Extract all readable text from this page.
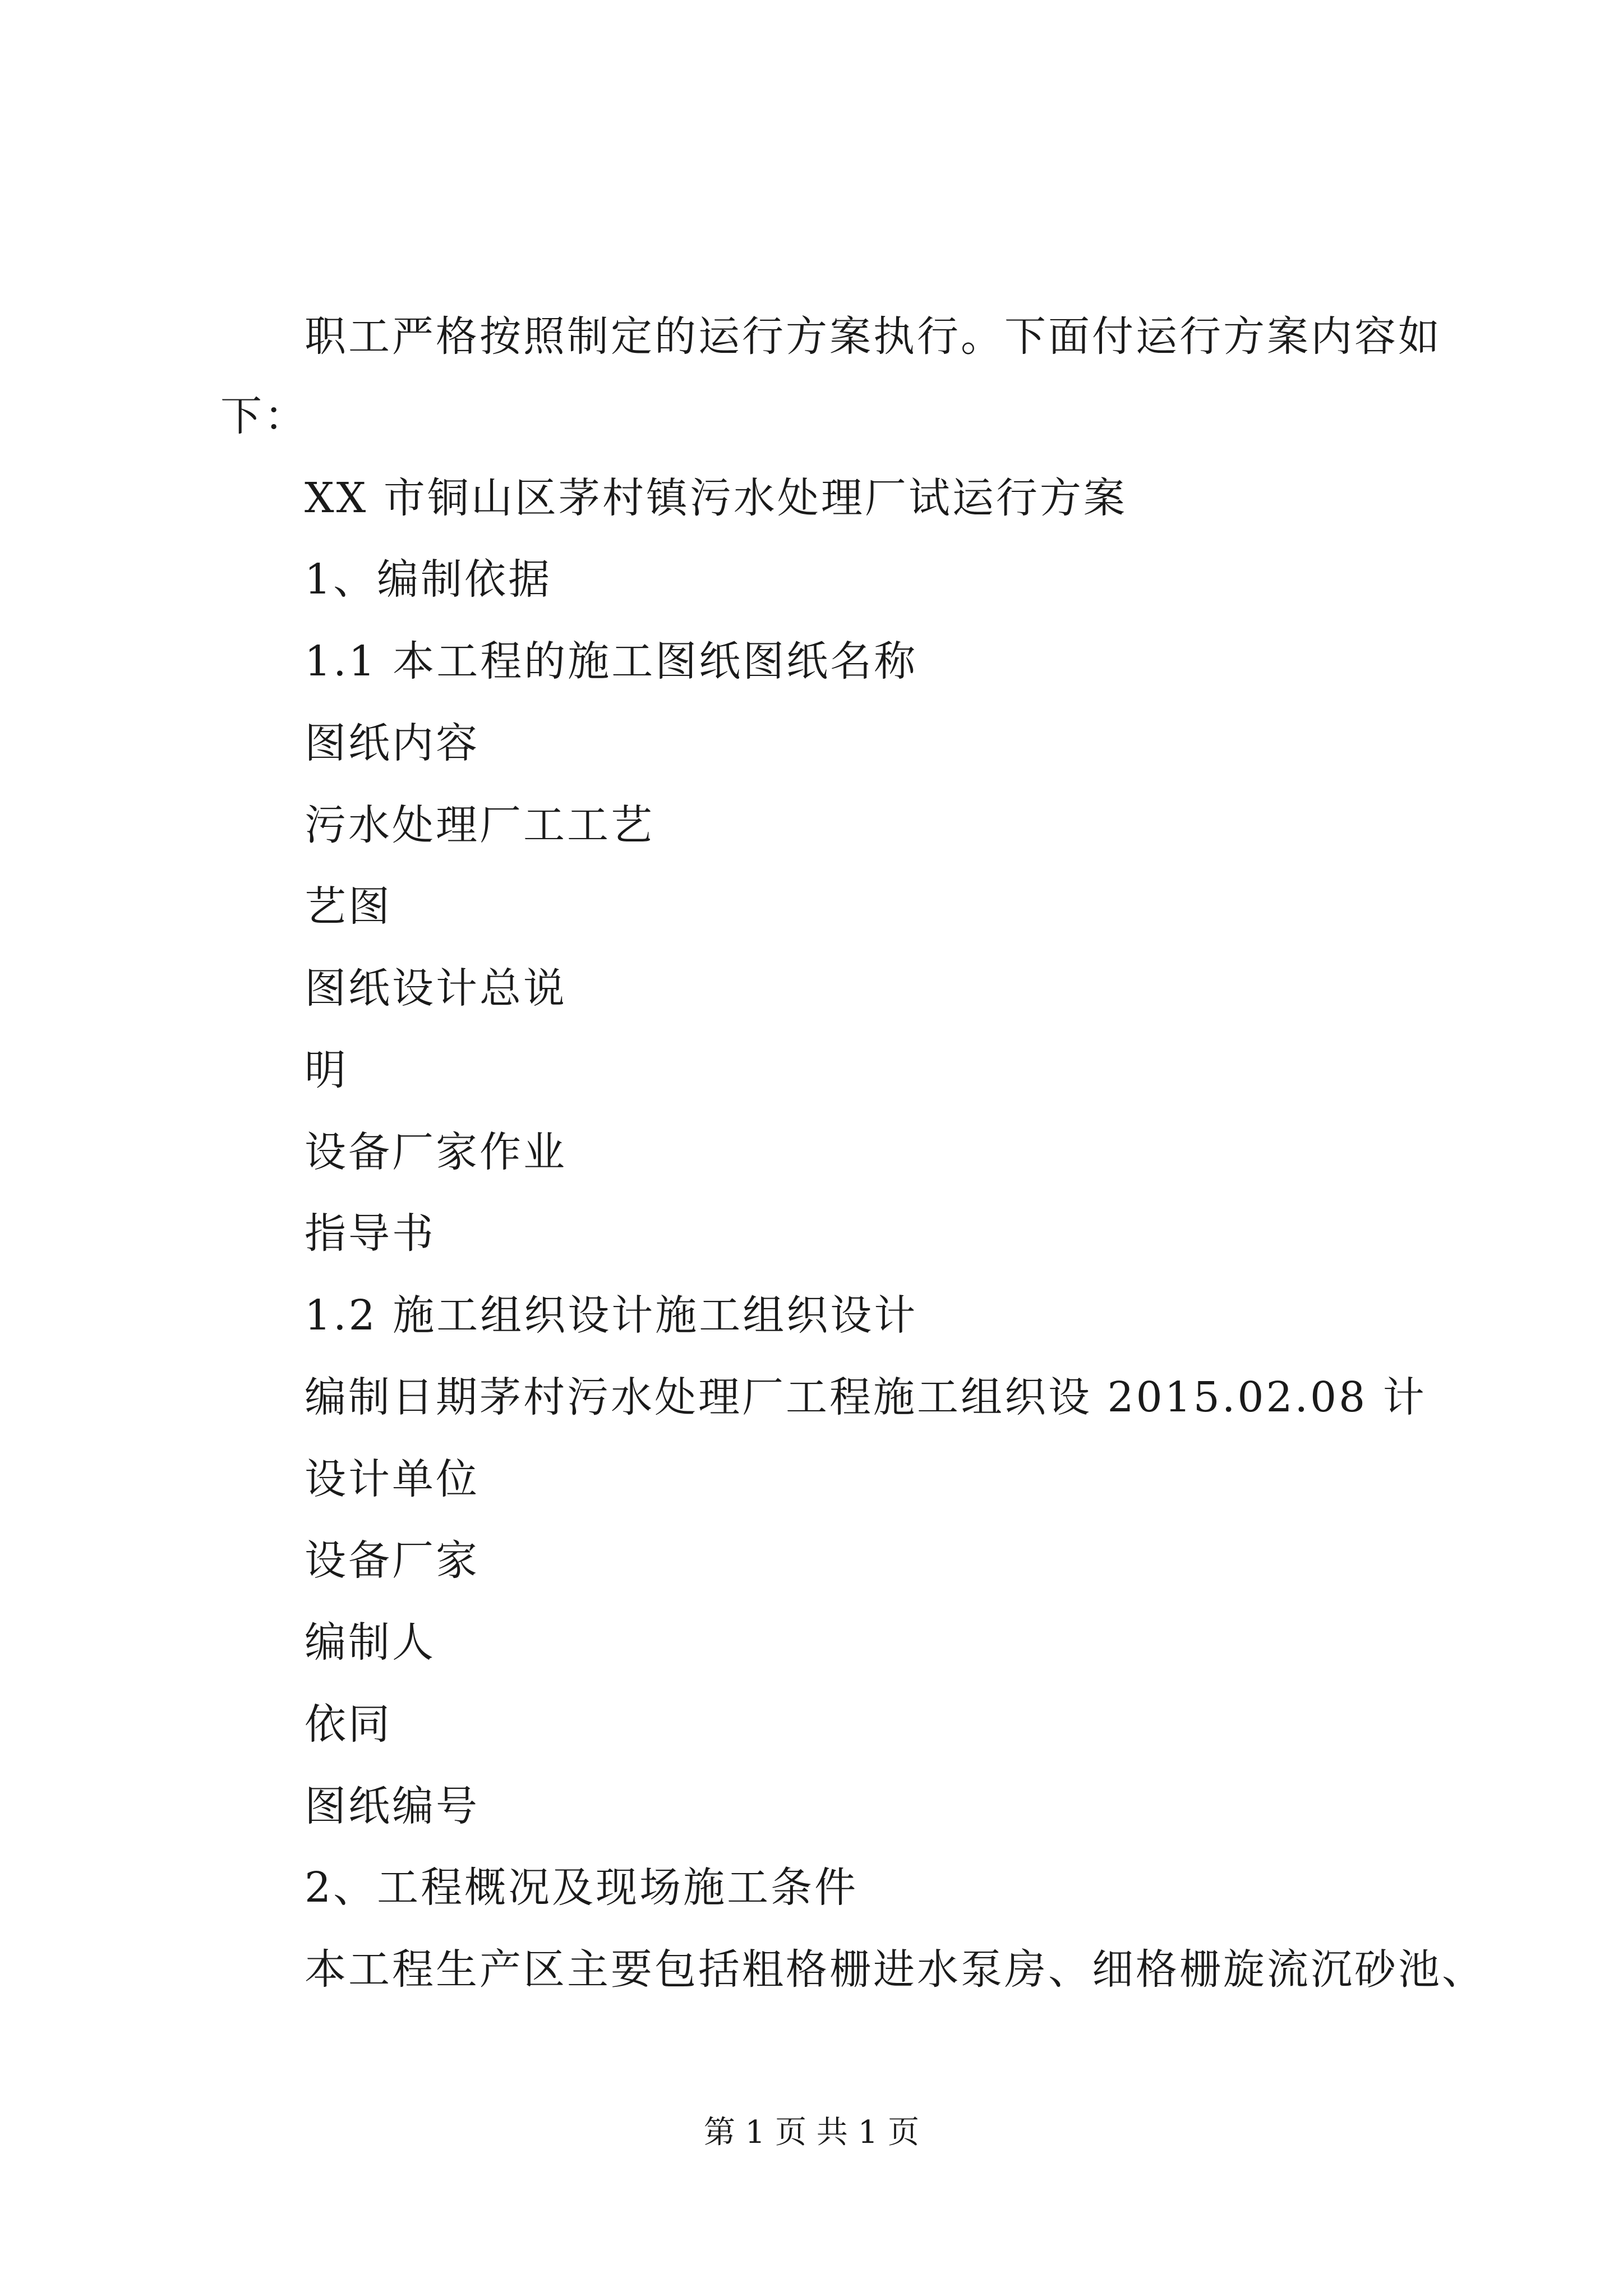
职工严格按照制定的运行方案执行。下面付运行方案内容如
下：
XX 市铜山区茅村镇污水处理厂试运行方案
1、编制依据
1.1 本工程的施工图纸图纸名称
图纸内容
污水处理厂工工艺
艺图
图纸设计总说
明
设备厂家作业
指导书
1.2 施工组织设计施工组织设计
编制日期茅村污水处理厂工程施工组织设 2015.02.08 计
设计单位
设备厂家
编制人
依同
图纸编号
2、工程概况及现场施工条件
本工程生产区主要包括粗格栅进水泵房、细格栅旋流沉砂池、
第 1 页 共 1 页
